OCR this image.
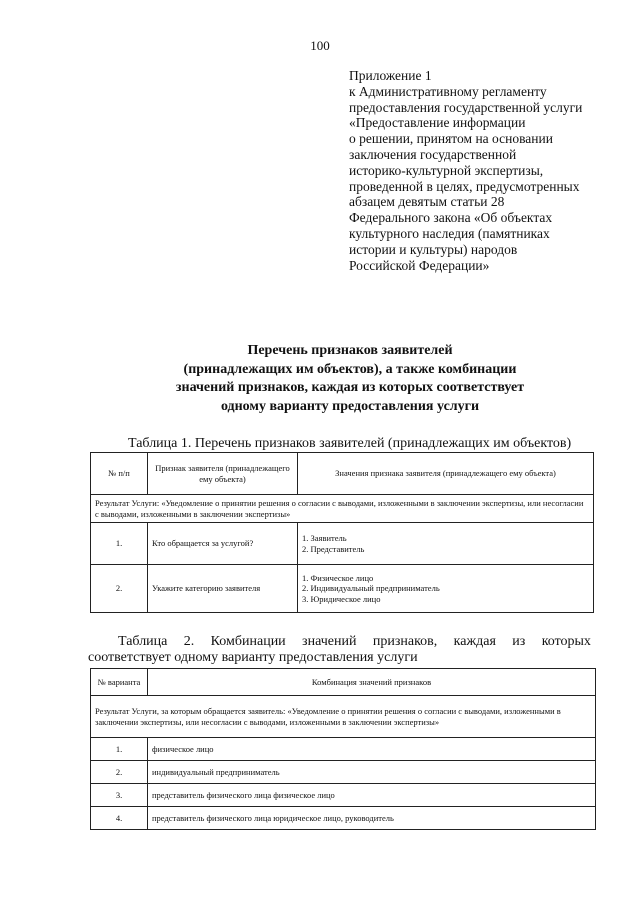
100
Приложение 1
к Административному регламенту
предоставления государственной услуги
«Предоставление информации
о решении, принятом на основании
заключения государственной
историко-культурной экспертизы,
проведенной в целях, предусмотренных
абзацем девятым статьи 28
Федерального закона «Об объектах
культурного наследия (памятниках
истории и культуры) народов
Российской Федерации»
Перечень признаков заявителей
(принадлежащих им объектов), а также комбинации
значений признаков, каждая из которых соответствует
одному варианту предоставления услуги
Таблица 1. Перечень признаков заявителей (принадлежащих им объектов)
№ п/п	Признак заявителя (принадлежащего ему объекта)	Значения признака заявителя (принадлежащего ему объекта)
Результат Услуги: «Уведомление о принятии решения о согласии с выводами, изложенными в заключении экспертизы, или несогласии с выводами, изложенными в заключении экспертизы»		
1.	Кто обращается за услугой?	1. Заявитель
2. Представитель

2.	Укажите категорию заявителя	1. Физическое лицо
2. Индивидуальный предприниматель
3. Юридическое лицо
Таблица 2. Комбинации значений признаков, каждая из которых
соответствует одному варианту предоставления услуги
№ варианта	Комбинация значений признаков
Результат Услуги, за которым обращается заявитель: «Уведомление о принятии решения о согласии с выводами, изложенными в заключении экспертизы, или несогласии с выводами, изложенными в заключении экспертизы»	
1.	физическое лицо
2.	индивидуальный предприниматель
3.	представитель физического лица физическое лицо
4.	представитель физического лица юридическое лицо, руководитель
